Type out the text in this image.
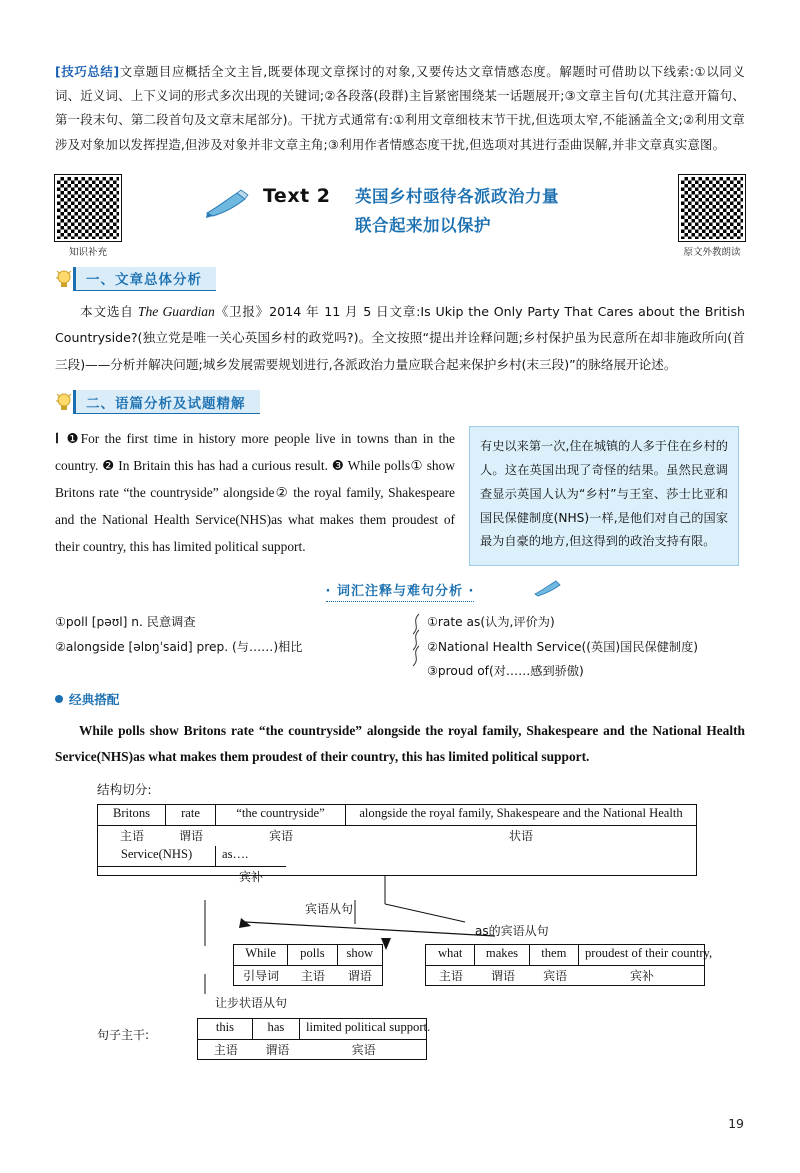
[技巧总结]文章题目应概括全文主旨,既要体现文章探讨的对象,又要传达文章情感态度。解题时可借助以下线索:①以同义词、近义词、上下义词的形式多次出现的关键词;②各段落(段群)主旨紧密围绕某一话题展开;③文章主旨句(尤其注意开篇句、第一段末句、第二段首句及文章末尾部分)。干扰方式通常有:①利用文章细枝末节干扰,但选项太窄,不能涵盖全文;②利用文章涉及对象加以发挥捏造,但涉及对象并非文章主角;③利用作者情感态度干扰,但选项对其进行歪曲误解,并非文章真实意图。
知识补充	原文外教朗读
Text 2 英国乡村亟待各派政治力量
联合起来加以保护
一、文章总体分析
本文选自 The Guardian《卫报》2014 年 11 月 5 日文章:Is Ukip the Only Party That Cares about the British Countryside?(独立党是唯一关心英国乡村的政党吗?)。全文按照“提出并诠释问题;乡村保护虽为民意所在却非施政所向(首三段)——分析并解决问题;城乡发展需要规划进行,各派政治力量应联合起来保护乡村(末三段)”的脉络展开论述。
二、语篇分析及试题精解
Ⅰ ❶For the first time in history more people live in towns than in the country. ❷ In Britain this has had a curious result. ❸ While polls① show Britons rate “the countryside” alongside② the royal family, Shakespeare and the National Health Service(NHS)as what makes them proudest of their country, this has limited political support.
有史以来第一次,住在城镇的人多于住在乡村的人。这在英国出现了奇怪的结果。虽然民意调查显示英国人认为“乡村”与王室、莎士比亚和国民保健制度(NHS)一样,是他们对自己的国家最为自豪的地方,但这得到的政治支持有限。
· 词汇注释与难句分析 ·
①poll [pəʊl] n. 民意调查
②alongside [əlɒŋˈsaid] prep. (与……)相比
①rate as(认为,评价为)
②National Health Service((英国)国民保健制度)
③proud of(对……感到骄傲)
经典搭配
While polls show Britons rate “the countryside” alongside the royal family, Shakespeare and the National Health Service(NHS)as what makes them proudest of their country, this has limited political support.
结构切分:
Britons	rate	“the countryside”	alongside the royal family, Shakespeare and the National Health
主语	谓语	宾语	状语
Service(NHS)	as….
宾补
宾语从句
While	polls	show
引导词	主语	谓语
让步状语从句
as的宾语从句
what	makes	them	proudest of their country,
主语	谓语	宾语	宾补
句子主干:
this	has	limited political support.
主语	谓语	宾语
19
